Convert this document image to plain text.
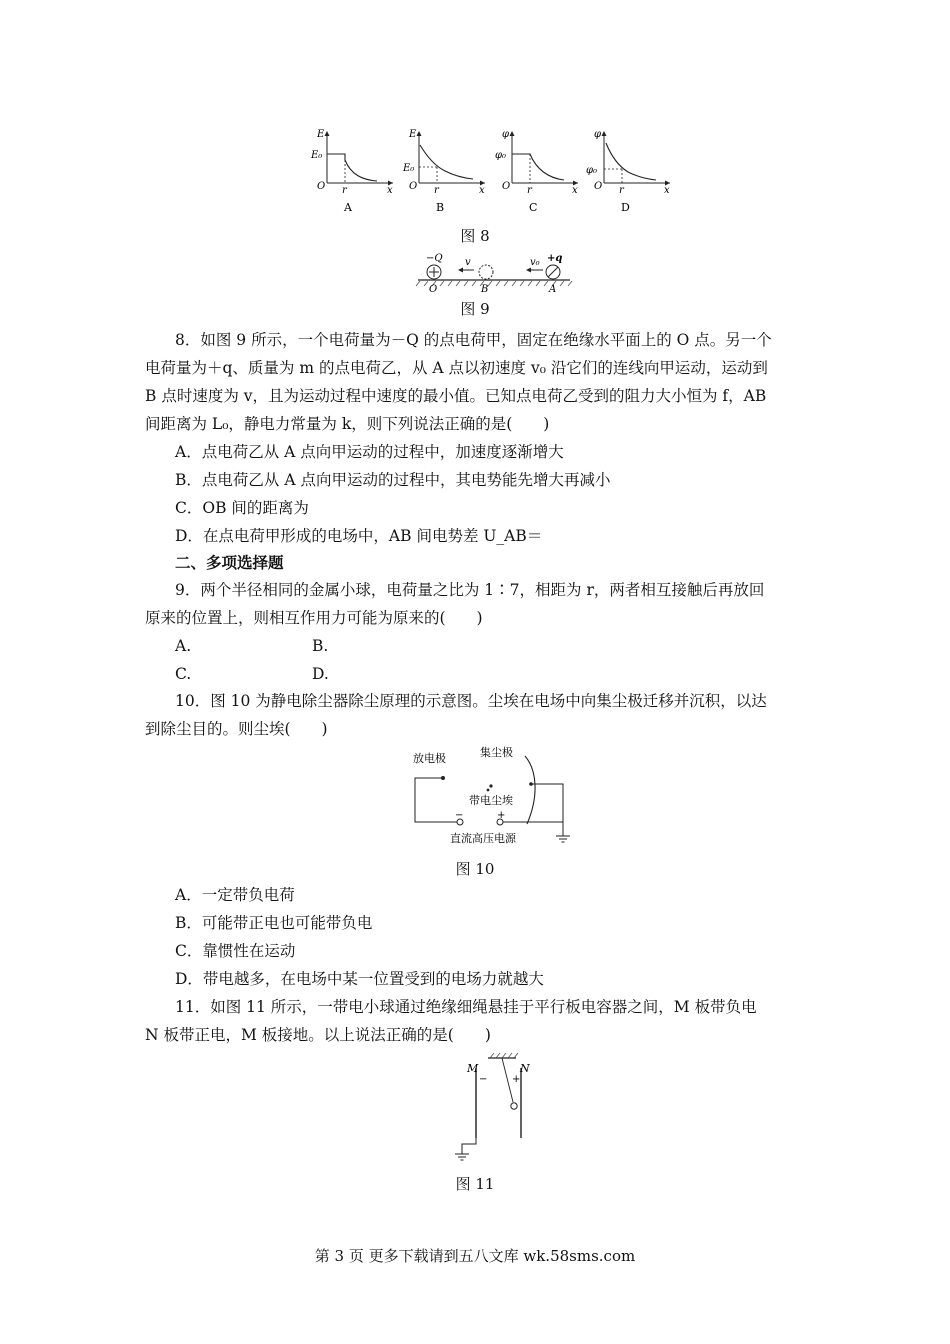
E
E₀
O r	x
A
E
E₀
O r	x
B
φ
φ₀
O r	x
C
φ
φ₀
O r	x
D
图 8
−Q	+q
v	v₀
O	B	A
图 9
8．如图 9 所示，一个电荷量为－Q 的点电荷甲，固定在绝缘水平面上的 O 点。另一个
电荷量为＋q、质量为 m 的点电荷乙，从 A 点以初速度 v₀ 沿它们的连线向甲运动，运动到
B 点时速度为 v，且为运动过程中速度的最小值。已知点电荷乙受到的阻力大小恒为 f，AB
间距离为 L₀，静电力常量为 k，则下列说法正确的是(　　)
A．点电荷乙从 A 点向甲运动的过程中，加速度逐渐增大
B．点电荷乙从 A 点向甲运动的过程中，其电势能先增大再减小
C．OB 间的距离为
D．在点电荷甲形成的电场中，AB 间电势差 U_AB＝
二、多项选择题
9．两个半径相同的金属小球，电荷量之比为 1∶7，相距为 r，两者相互接触后再放回
原来的位置上，则相互作用力可能为原来的(　　)
A.	B.
C.	D.
10．图 10 为静电除尘器除尘原理的示意图。尘埃在电场中向集尘极迁移并沉积，以达
到除尘目的。则尘埃(　　)
放电极	集尘极
带电尘埃
−	+
直流高压电源
图 10
A．一定带负电荷
B．可能带正电也可能带负电
C．靠惯性在运动
D．带电越多，在电场中某一位置受到的电场力就越大
11．如图 11 所示，一带电小球通过绝缘细绳悬挂于平行板电容器之间，M 板带负电
N 板带正电，M 板接地。以上说法正确的是(　　)
M	N
− +
图 11
第 3 页 更多下载请到五八文库 wk.58sms.com
